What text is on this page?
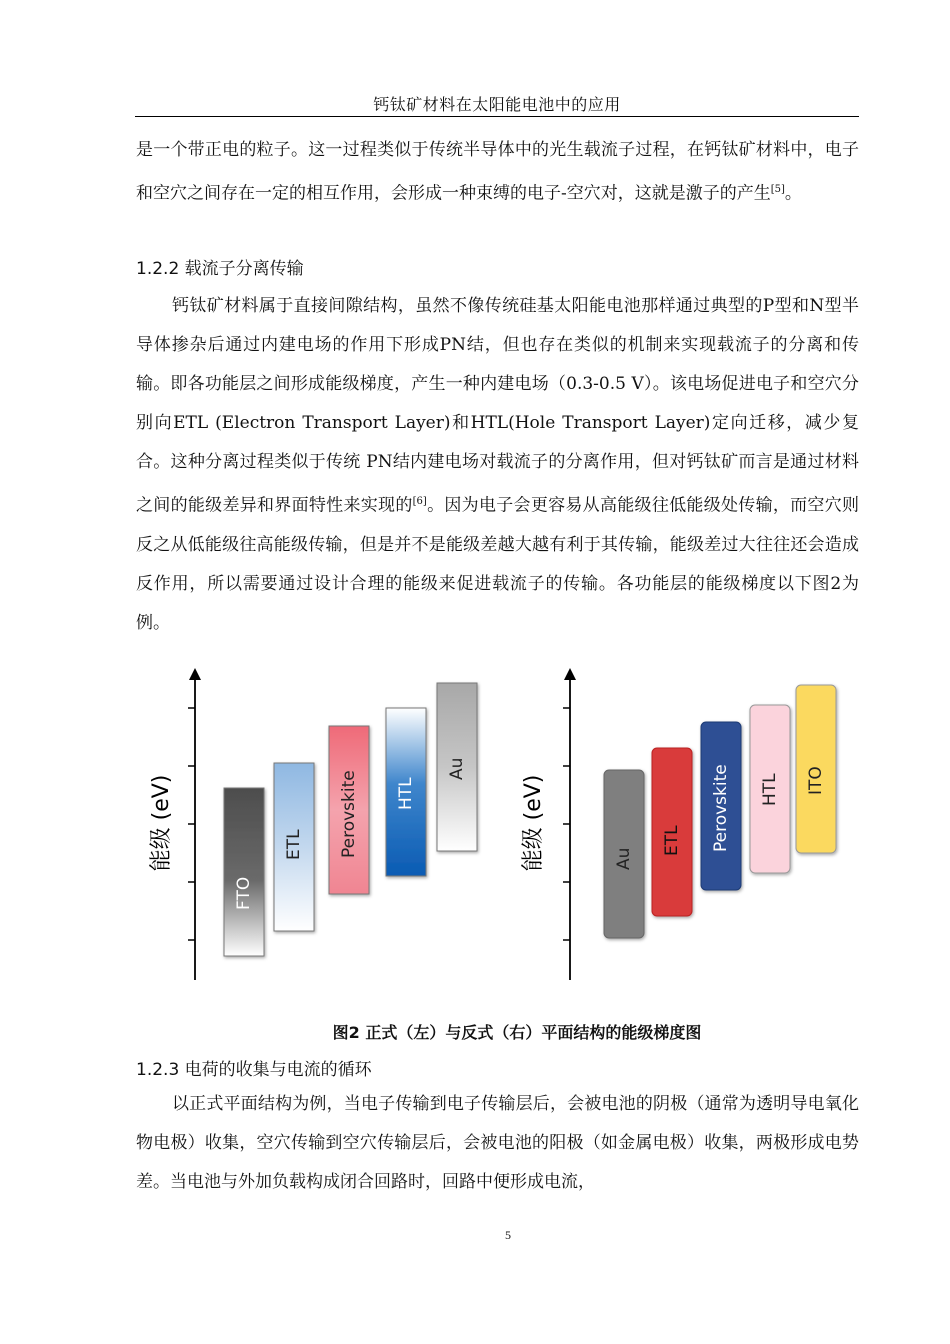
钙钛矿材料在太阳能电池中的应用
是一个带正电的粒子。这一过程类似于传统半导体中的光生载流子过程，在钙钛矿材料中，电子和空穴之间存在一定的相互作用，会形成一种束缚的电子-空穴对，这就是激子的产生[5]。
1.2.2 载流子分离传输
钙钛矿材料属于直接间隙结构，虽然不像传统硅基太阳能电池那样通过典型的P型和N型半导体掺杂后通过内建电场的作用下形成PN结，但也存在类似的机制来实现载流子的分离和传输。即各功能层之间形成能级梯度，产生一种内建电场（0.3-0.5 V）。该电场促进电子和空穴分别向ETL (Electron Transport Layer)和HTL(Hole Transport Layer)定向迁移，减少复合。这种分离过程类似于传统 PN结内建电场对载流子的分离作用，但对钙钛矿而言是通过材料之间的能级差异和界面特性来实现的[6]。因为电子会更容易从高能级往低能级处传输，而空穴则反之从低能级往高能级传输，但是并不是能级差越大越有利于其传输，能级差过大往往还会造成反作用，所以需要通过设计合理的能级来促进载流子的传输。各功能层的能级梯度以下图2为例。
能级 (eV)
FTO
ETL Perovskite HTL
Au
能级 (eV)	Au
ETL Perovskite HTL ITO
图2 正式（左）与反式（右）平面结构的能级梯度图
1.2.3 电荷的收集与电流的循环
以正式平面结构为例，当电子传输到电子传输层后，会被电池的阴极（通常为透明导电氧化物电极）收集，空穴传输到空穴传输层后，会被电池的阳极（如金属电极）收集，两极形成电势差。当电池与外加负载构成闭合回路时，回路中便形成电流，
5
